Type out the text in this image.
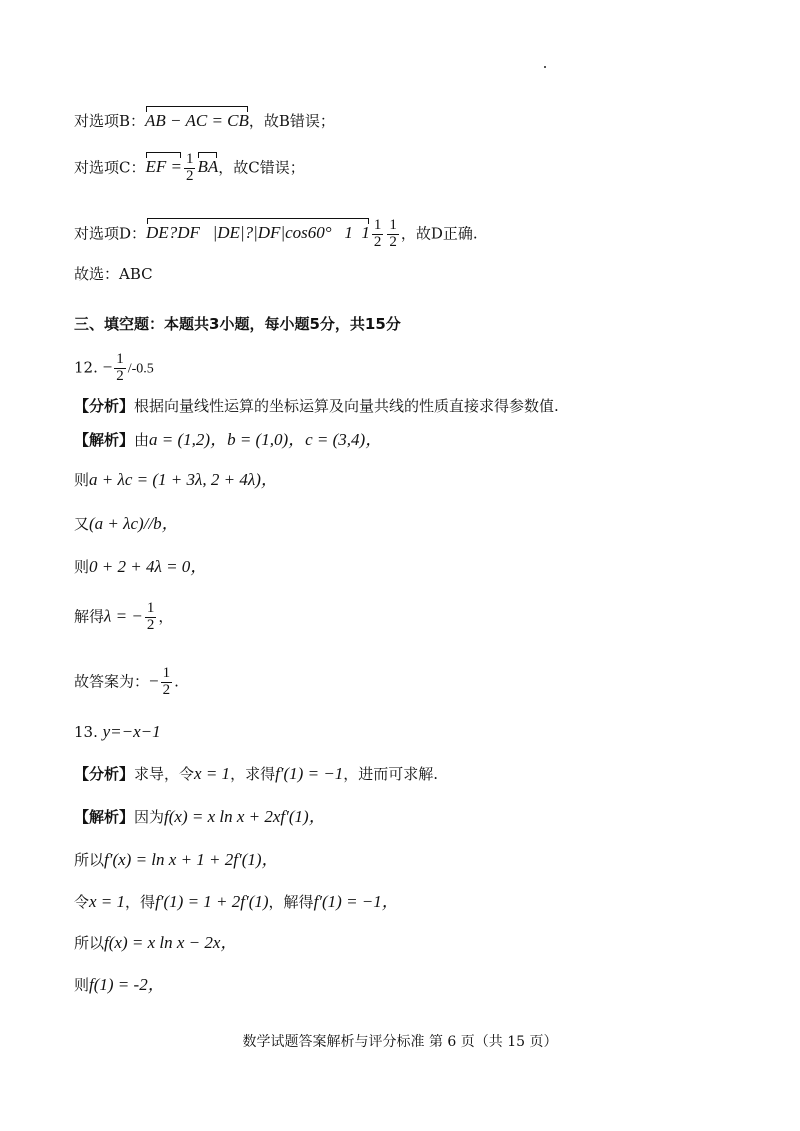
对选项B：AB − AC = CB，故B错误；
对选项C：EF = $\frac{1}{2}$ BA，故C错误；
对选项D：DE?DF   |DE|?|DF|cos60°   1  $1 \frac{1}{2} \frac{1}{2}$ ，故D正确.
故选：ABC
三、填空题：本题共3小题，每小题5分，共15分
12. − $\frac{1}{2} /-0.5$
【分析】根据向量线性运算的坐标运算及向量共线的性质直接求得参数值.
【解析】由a = (1,2)，b = (1,0)，c = (3,4)，
则a + λc = (1 + 3λ, 2 + 4λ)，
又(a + λc)//b，
则0 + 2 + 4λ = 0，
解得λ = − $\frac{1}{2}$ ，
故答案为：− $\frac{1}{2}$ .
13. y=−x−1
【分析】求导，令x = 1，求得f′(1) = −1，进而可求解.
【解析】因为f(x) = x ln x + 2xf′(1)，
所以f′(x) = ln x + 1 + 2f′(1)，
令x = 1，得f′(1) = 1 + 2f′(1)，解得f′(1) = −1，
所以f(x) = x ln x − 2x，
则f(1) = -2，
数学试题答案解析与评分标准 第 6 页（共 15 页）
